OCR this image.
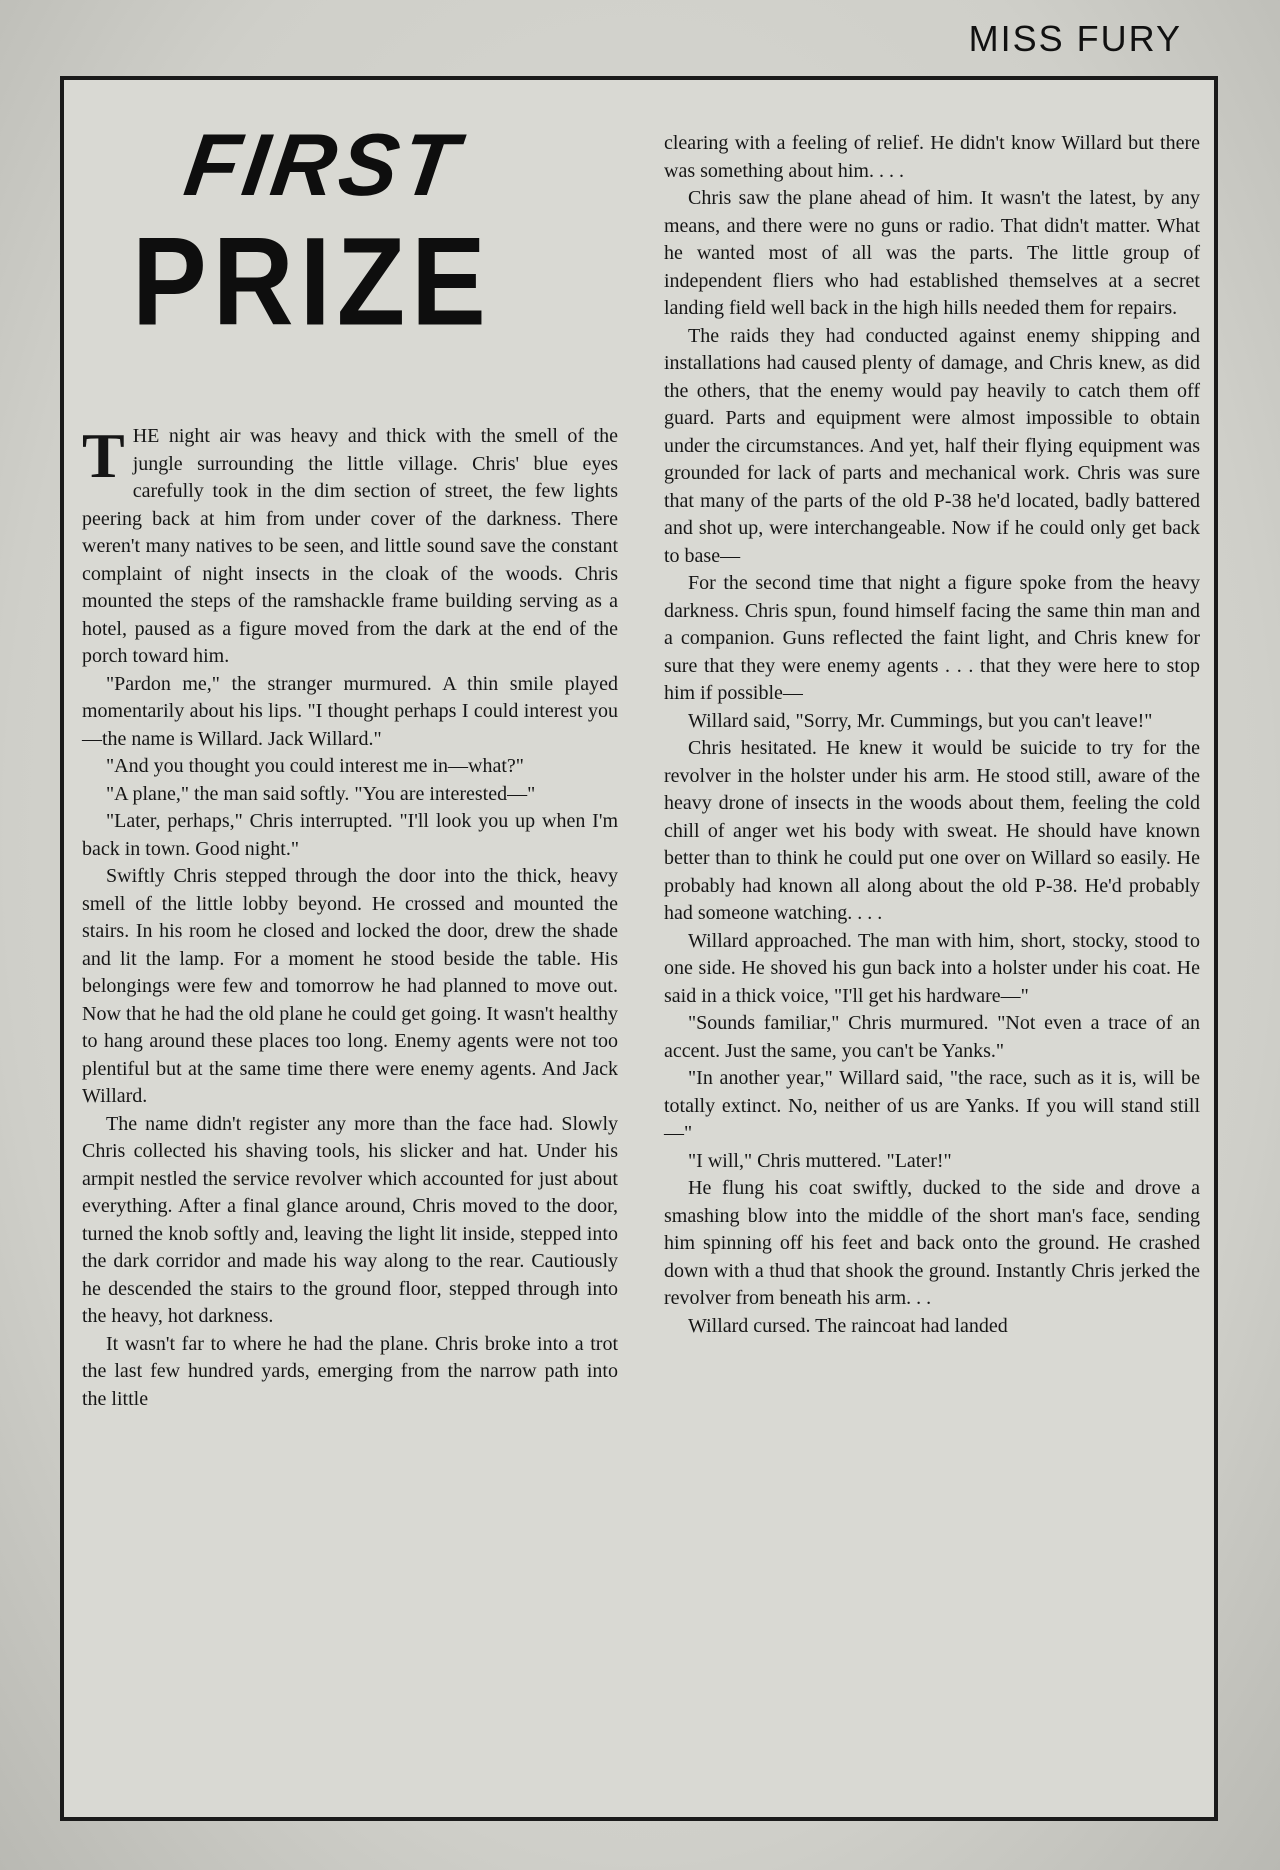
MISS FURY
FIRST
PRIZE

THE night air was heavy and thick with the smell of the jungle surrounding the little village. Chris' blue eyes carefully took in the dim section of street, the few lights peering back at him from under cover of the darkness. There weren't many natives to be seen, and little sound save the constant complaint of night insects in the cloak of the woods. Chris mounted the steps of the ramshackle frame building serving as a hotel, paused as a figure moved from the dark at the end of the porch toward him.

"Pardon me," the stranger murmured. A thin smile played momentarily about his lips. "I thought perhaps I could interest you—the name is Willard. Jack Willard."

"And you thought you could interest me in—what?"

"A plane," the man said softly. "You are interested—"

"Later, perhaps," Chris interrupted. "I'll look you up when I'm back in town. Good night."

Swiftly Chris stepped through the door into the thick, heavy smell of the little lobby beyond. He crossed and mounted the stairs. In his room he closed and locked the door, drew the shade and lit the lamp. For a moment he stood beside the table. His belongings were few and tomorrow he had planned to move out. Now that he had the old plane he could get going. It wasn't healthy to hang around these places too long. Enemy agents were not too plentiful but at the same time there were enemy agents. And Jack Willard.

The name didn't register any more than the face had. Slowly Chris collected his shaving tools, his slicker and hat. Under his armpit nestled the service revolver which accounted for just about everything. After a final glance around, Chris moved to the door, turned the knob softly and, leaving the light lit inside, stepped into the dark corridor and made his way along to the rear. Cautiously he descended the stairs to the ground floor, stepped through into the heavy, hot darkness.

It wasn't far to where he had the plane. Chris broke into a trot the last few hundred yards, emerging from the narrow path into the little

clearing with a feeling of relief. He didn't know Willard but there was something about him. . . .

Chris saw the plane ahead of him. It wasn't the latest, by any means, and there were no guns or radio. That didn't matter. What he wanted most of all was the parts. The little group of independent fliers who had established themselves at a secret landing field well back in the high hills needed them for repairs.

The raids they had conducted against enemy shipping and installations had caused plenty of damage, and Chris knew, as did the others, that the enemy would pay heavily to catch them off guard. Parts and equipment were almost impossible to obtain under the circumstances. And yet, half their flying equipment was grounded for lack of parts and mechanical work. Chris was sure that many of the parts of the old P-38 he'd located, badly battered and shot up, were interchangeable. Now if he could only get back to base—

For the second time that night a figure spoke from the heavy darkness. Chris spun, found himself facing the same thin man and a companion. Guns reflected the faint light, and Chris knew for sure that they were enemy agents . . . that they were here to stop him if possible—

Willard said, "Sorry, Mr. Cummings, but you can't leave!"

Chris hesitated. He knew it would be suicide to try for the revolver in the holster under his arm. He stood still, aware of the heavy drone of insects in the woods about them, feeling the cold chill of anger wet his body with sweat. He should have known better than to think he could put one over on Willard so easily. He probably had known all along about the old P-38. He'd probably had someone watching. . . .

Willard approached. The man with him, short, stocky, stood to one side. He shoved his gun back into a holster under his coat. He said in a thick voice, "I'll get his hardware—"

"Sounds familiar," Chris murmured. "Not even a trace of an accent. Just the same, you can't be Yanks."

"In another year," Willard said, "the race, such as it is, will be totally extinct. No, neither of us are Yanks. If you will stand still—"

"I will," Chris muttered. "Later!"

He flung his coat swiftly, ducked to the side and drove a smashing blow into the middle of the short man's face, sending him spinning off his feet and back onto the ground. He crashed down with a thud that shook the ground. Instantly Chris jerked the revolver from beneath his arm. . .

Willard cursed. The raincoat had landed
